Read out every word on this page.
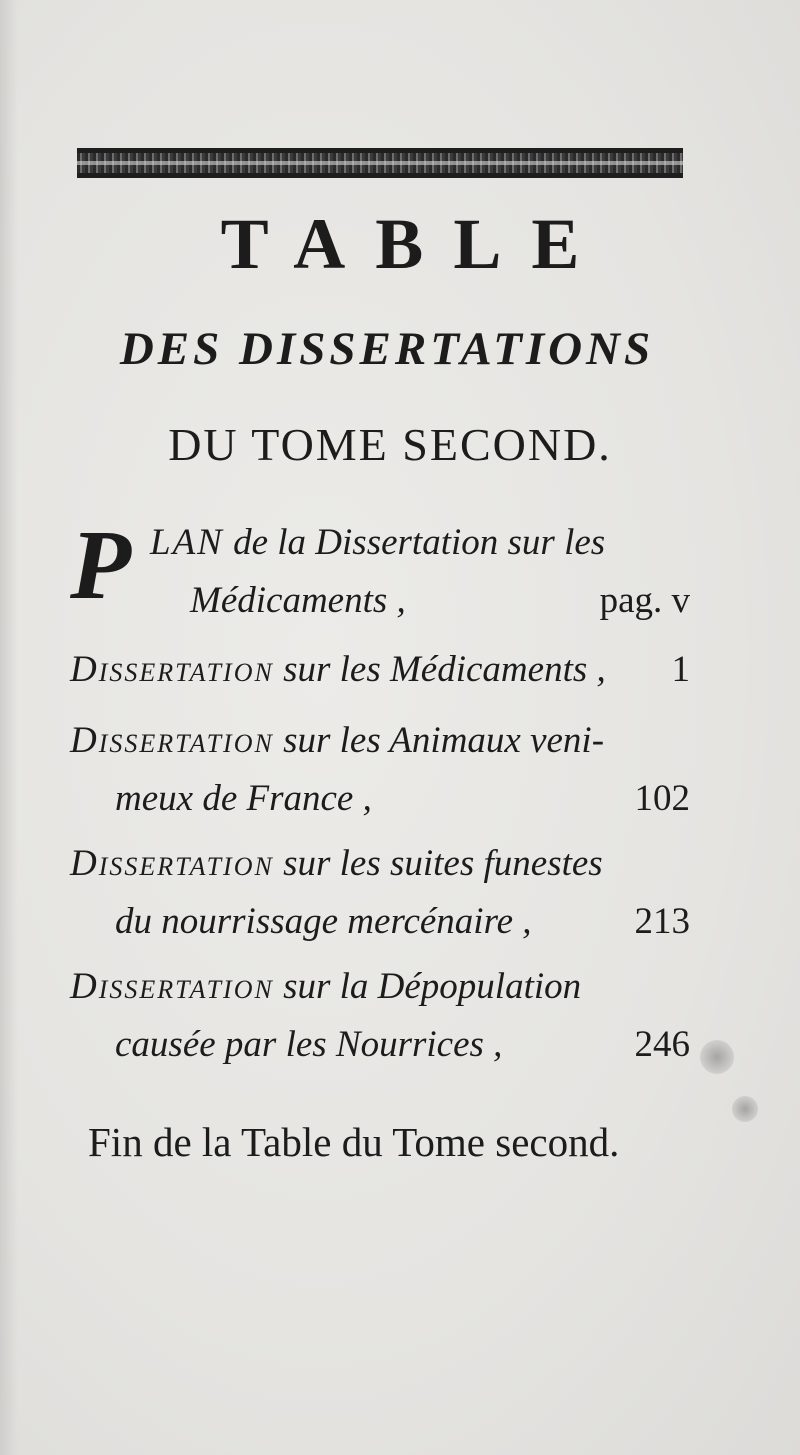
TABLE
DES DISSERTATIONS
DU TOME SECOND.
P LAN de la Dissertation sur les
Médicaments ,	pag. v
Dissertation sur les Médicaments , 1
Dissertation sur les Animaux veni-
meux de France ,	102
Dissertation sur les suites funestes
du nourrissage mercénaire ,	213
Dissertation sur la Dépopulation
causée par les Nourrices ,	246
Fin de la Table du Tome second.
